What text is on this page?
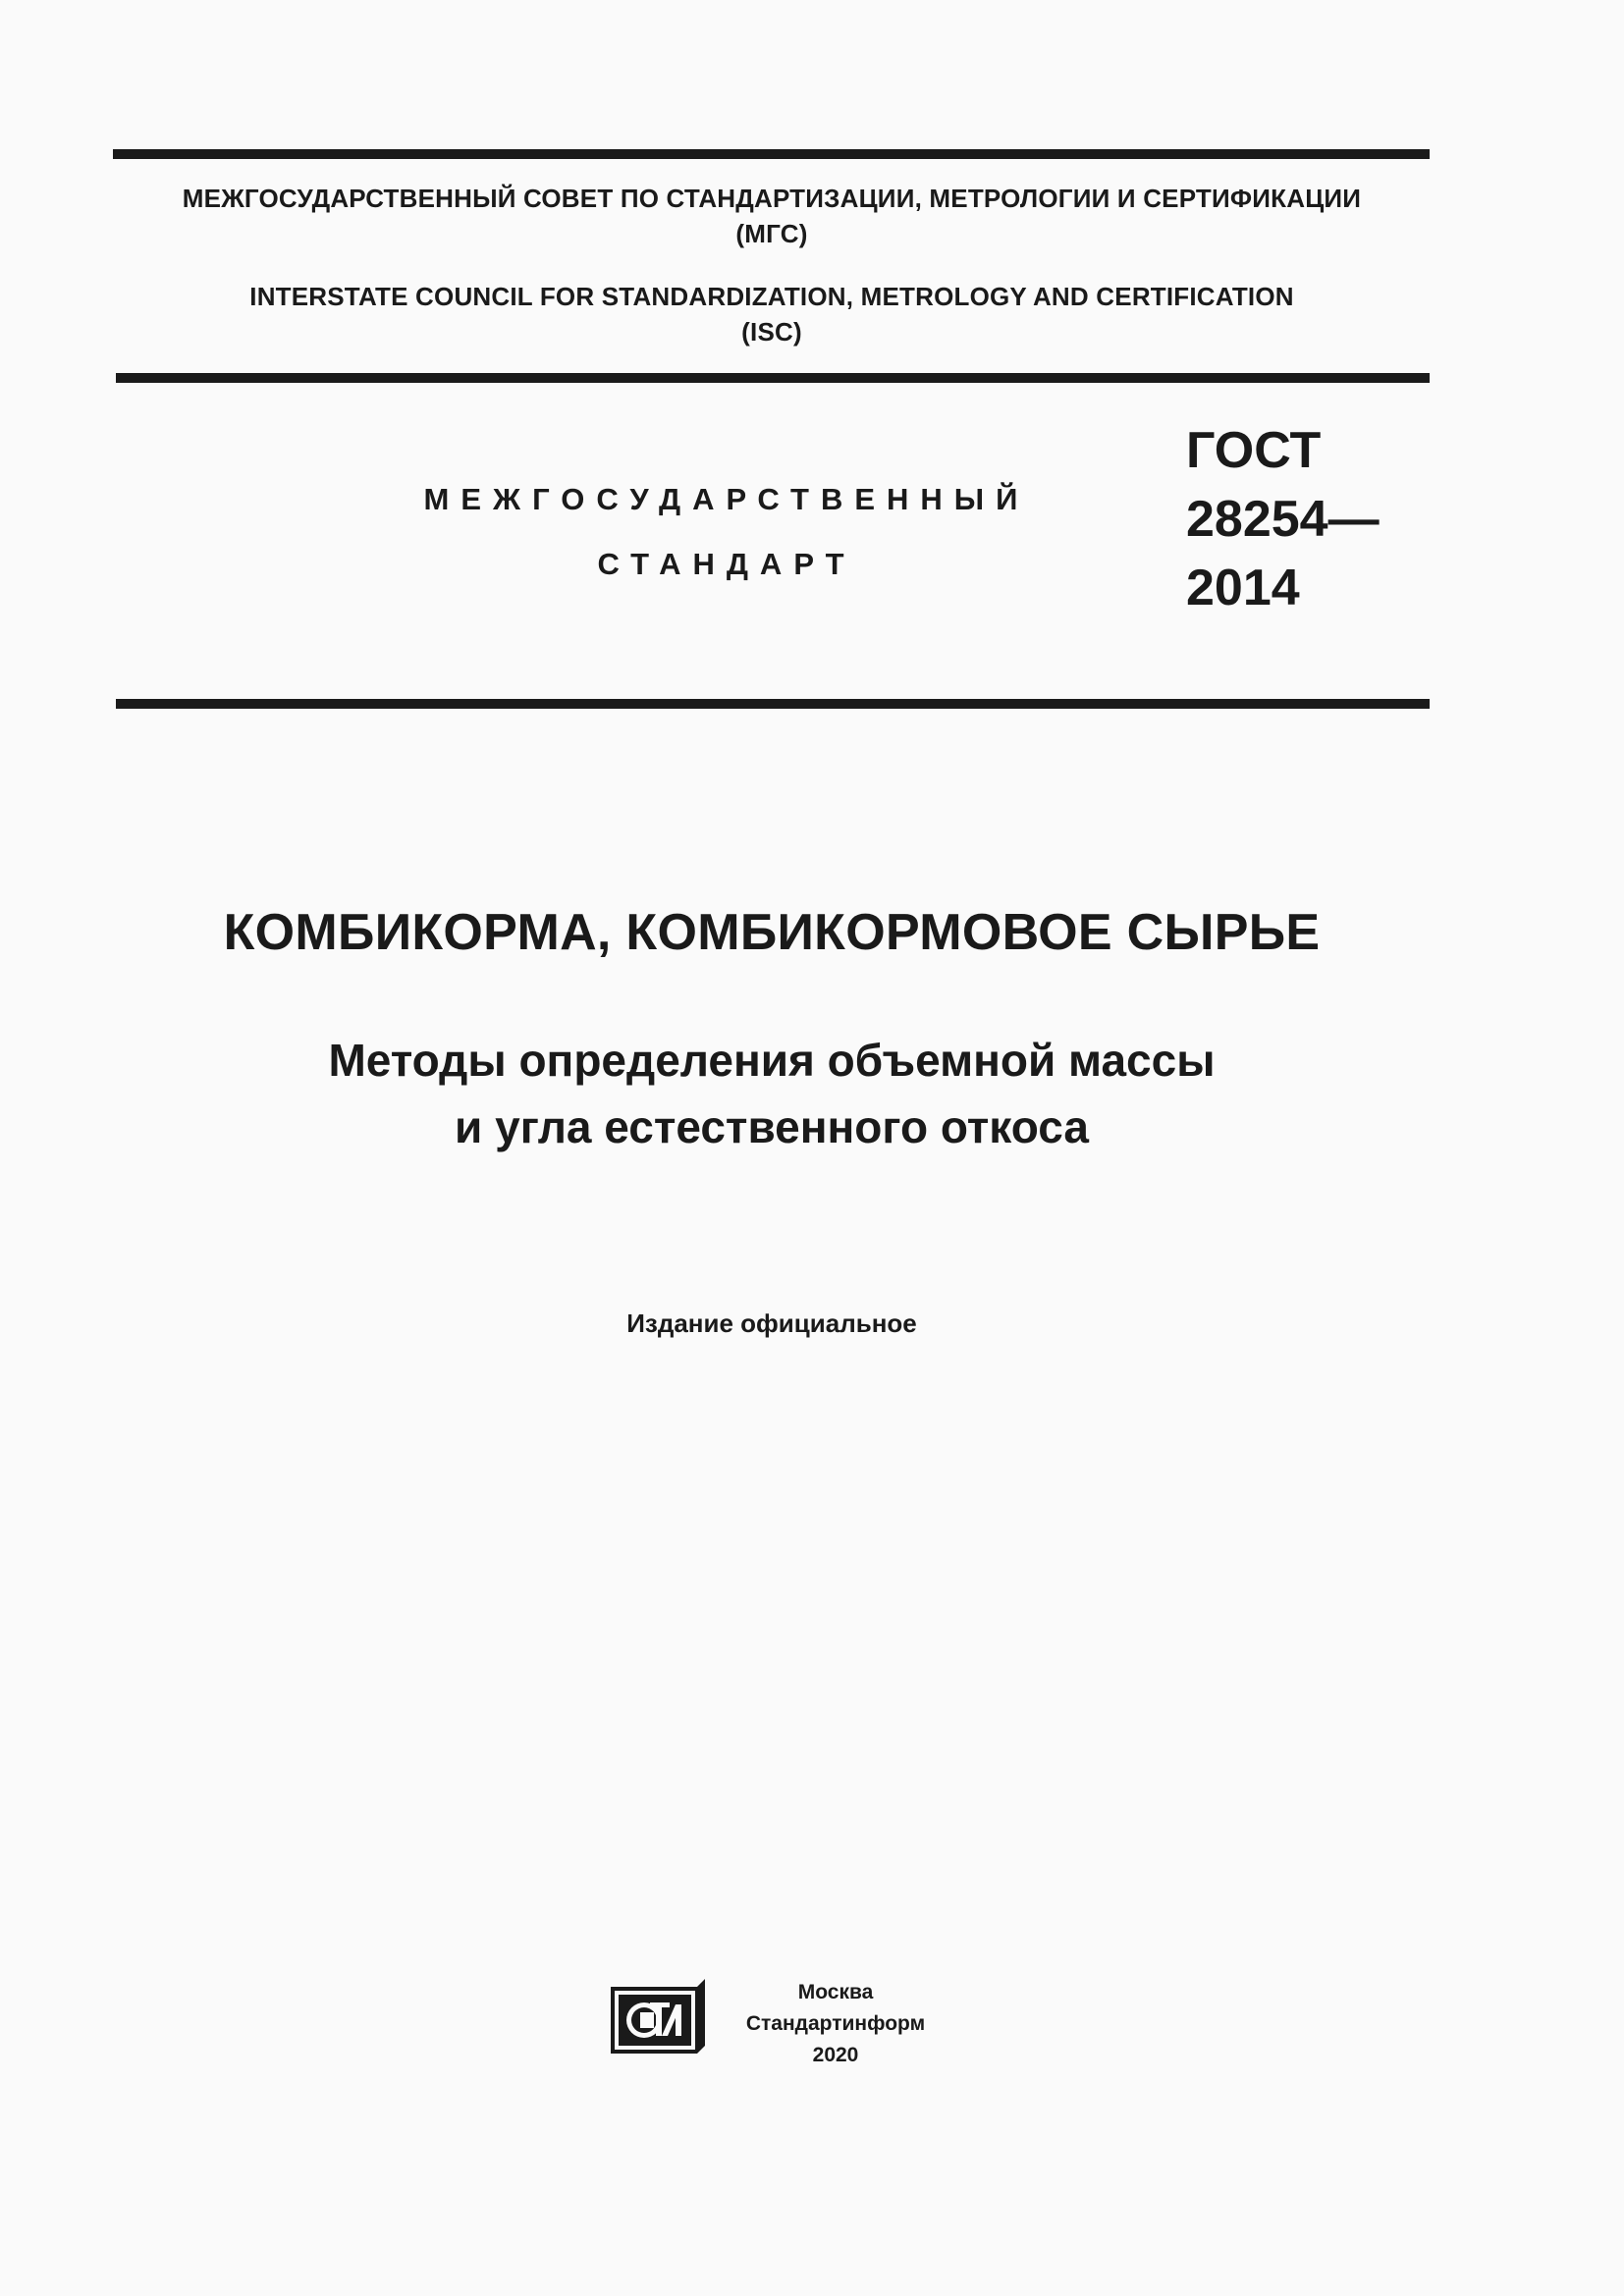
МЕЖГОСУДАРСТВЕННЫЙ СОВЕТ ПО СТАНДАРТИЗАЦИИ, МЕТРОЛОГИИ И СЕРТИФИКАЦИИ
(МГС)
INTERSTATE COUNCIL FOR STANDARDIZATION, METROLOGY AND CERTIFICATION
(ISC)
МЕЖГОСУДАРСТВЕННЫЙ
СТАНДАРТ
ГОСТ
28254—
2014
КОМБИКОРМА, КОМБИКОРМОВОЕ СЫРЬЕ
Методы определения объемной массы
и угла естественного откоса
Издание официальное
Москва
Стандартинформ
2020
